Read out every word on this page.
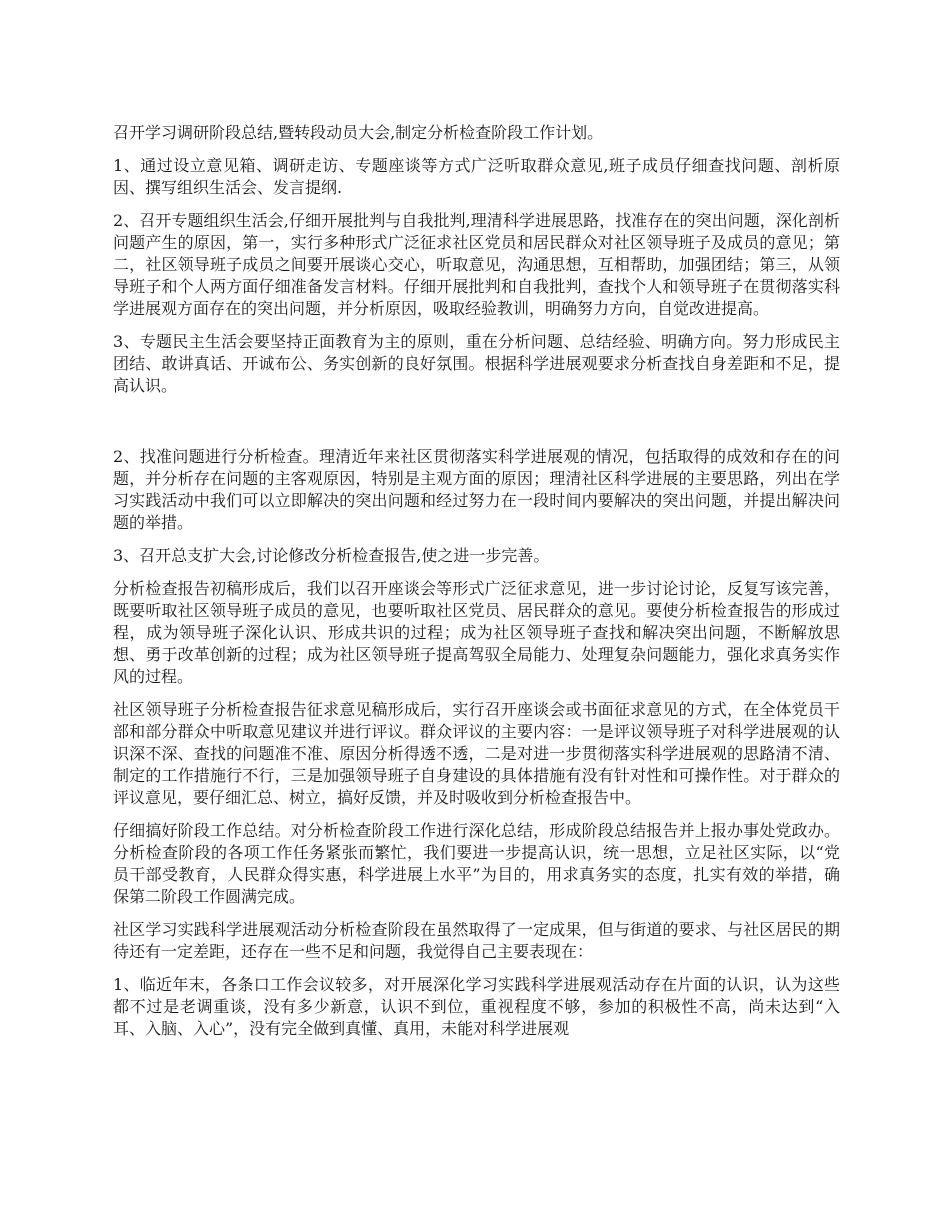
召开学习调研阶段总结,暨转段动员大会,制定分析检查阶段工作计划。

1、通过设立意见箱、调研走访、专题座谈等方式广泛听取群众意见,班子成员仔细查找问题、剖析原因、撰写组织生活会、发言提纲.

2、召开专题组织生活会,仔细开展批判与自我批判,理清科学进展思路，找准存在的突出问题，深化剖析问题产生的原因，第一，实行多种形式广泛征求社区党员和居民群众对社区领导班子及成员的意见；第二，社区领导班子成员之间要开展谈心交心，听取意见，沟通思想，互相帮助，加强团结；第三，从领导班子和个人两方面仔细准备发言材料。仔细开展批判和自我批判，查找个人和领导班子在贯彻落实科学进展观方面存在的突出问题，并分析原因，吸取经验教训，明确努力方向，自觉改进提高。

3、专题民主生活会要坚持正面教育为主的原则，重在分析问题、总结经验、明确方向。努力形成民主团结、敢讲真话、开诚布公、务实创新的良好氛围。根据科学进展观要求分析查找自身差距和不足，提高认识。

2、找准问题进行分析检查。理清近年来社区贯彻落实科学进展观的情况，包括取得的成效和存在的问题，并分析存在问题的主客观原因，特别是主观方面的原因；理清社区科学进展的主要思路，列出在学习实践活动中我们可以立即解决的突出问题和经过努力在一段时间内要解决的突出问题，并提出解决问题的举措。

3、召开总支扩大会,讨论修改分析检查报告,使之进一步完善。

分析检查报告初稿形成后，我们以召开座谈会等形式广泛征求意见，进一步讨论讨论，反复写该完善，既要听取社区领导班子成员的意见，也要听取社区党员、居民群众的意见。要使分析检查报告的形成过程，成为领导班子深化认识、形成共识的过程；成为社区领导班子查找和解决突出问题，不断解放思想、勇于改革创新的过程；成为社区领导班子提高驾驭全局能力、处理复杂问题能力，强化求真务实作风的过程。

社区领导班子分析检查报告征求意见稿形成后，实行召开座谈会或书面征求意见的方式，在全体党员干部和部分群众中听取意见建议并进行评议。群众评议的主要内容：一是评议领导班子对科学进展观的认识深不深、查找的问题准不准、原因分析得透不透，二是对进一步贯彻落实科学进展观的思路清不清、制定的工作措施行不行，三是加强领导班子自身建设的具体措施有没有针对性和可操作性。对于群众的评议意见，要仔细汇总、树立，搞好反馈，并及时吸收到分析检查报告中。

仔细搞好阶段工作总结。对分析检查阶段工作进行深化总结，形成阶段总结报告并上报办事处党政办。分析检查阶段的各项工作任务紧张而繁忙，我们要进一步提高认识，统一思想，立足社区实际，以“党员干部受教育，人民群众得实惠，科学进展上水平”为目的，用求真务实的态度，扎实有效的举措，确保第二阶段工作圆满完成。

社区学习实践科学进展观活动分析检查阶段在虽然取得了一定成果，但与街道的要求、与社区居民的期待还有一定差距，还存在一些不足和问题，我觉得自己主要表现在：

1、临近年末，各条口工作会议较多，对开展深化学习实践科学进展观活动存在片面的认识，认为这些都不过是老调重谈，没有多少新意，认识不到位，重视程度不够，参加的积极性不高，尚未达到“入耳、入脑、入心”，没有完全做到真懂、真用，未能对科学进展观
